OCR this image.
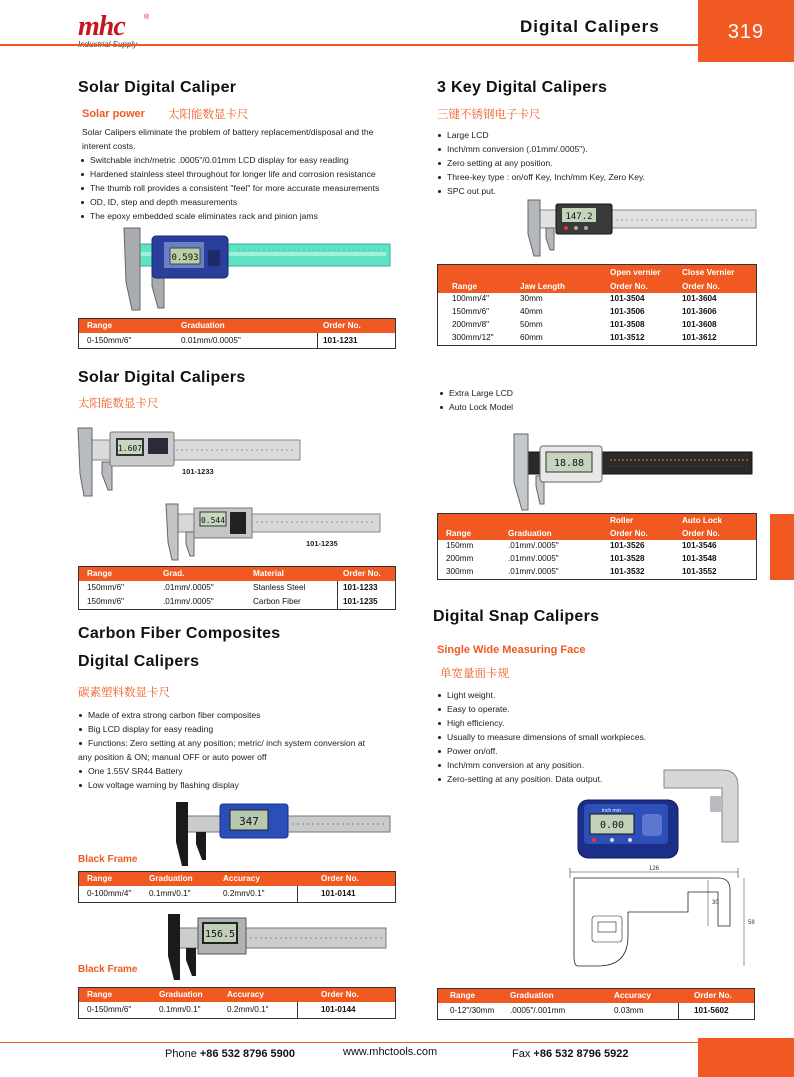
mhc	®	Digital Calipers	319
Solar Digital Caliper
Solar power 太阳能数显卡尺
Solar Calipers eliminate the problem of battery replacement/disposal and the interent costs.
Switchable inch/metric .0005"/0.01mm LCD display for easy reading
Hardened stainless steel throughout for longer life and corrosion resistance
The thumb roll provides a consistent "feel" for more accurate measurements
OD, ID, step and depth measurements
The epoxy embedded scale eliminates rack and pinion jams
0.593
Range	Graduation	Order No.
0-150mm/6"	0.01mm/0.0005"	101-1231
Solar Digital Calipers
太阳能数显卡尺
1.607
101-1233
0.544
101-1235
Range	Grad.	Material	Order No.
150mm/6"	.01mm/.0005"	Stanless Steel	101-1233
150mm/6"	.01mm/.0005"	Carbon Fiber	101-1235
Carbon Fiber Composites
Digital Calipers
碳素塑料数显卡尺
Made of extra strong carbon fiber composites
Big LCD display for easy reading
Functions: Zero setting at any position; metric/ inch system conversion at
any position & ON; manual OFF or auto power off
One 1.55V SR44 Battery
Low voltage warning by flashing display
347
Black Frame
Range	Graduation	Accuracy	Order No.
0-100mm/4" 0.1mm/0.1"	0.2mm/0.1"	101-0141
156.5
Black Frame
Range	Graduation	Accuracy	Order No.
0-150mm/6"	0.1mm/0.1"	0.2mm/0.1"	101-0144
3 Key Digital Calipers
三键不锈钢电子卡尺
Large LCD
Inch/mm conversion (.01mm/.0005").
Zero setting at any position.
Three-key type : on/off Key, Inch/mm Key, Zero Key.
SPC out put.
147.2
Open vernier	Close Vernier
Range	Jaw Length	Order No.	Order No.
100mm/4"	30mm	101-3504	101-3604
150mm/6"	40mm	101-3506	101-3606
200mm/8"	50mm	101-3508	101-3608
300mm/12"	60mm	101-3512	101-3612
Extra Large LCD
Auto Lock Model
18.88
Roller	Auto Lock
Range	Graduation	Order No.	Order No.
150mm	.01mm/.0005"	101-3526	101-3546
200mm	.01mm/.0005"	101-3528	101-3548
300mm	.01mm/.0005"	101-3532	101-3552
Digital Snap Calipers
Single Wide Measuring Face
单宽量面卡规
Light weight.
Easy to operate.
High efficiency.
Usually to measure dimensions of small workpieces.
Power on/off.
Inch/mm conversion at any position.
Zero-setting at any position. Data output.
inch mm
0.00
126
30
58
Range	Graduation	Accuracy	Order No.
0-12"/30mm .0005"/.001mm	0.03mm	101-5602
Phone +86 532 8796 5900	www.mhctools.com	Fax +86 532 8796 5922
